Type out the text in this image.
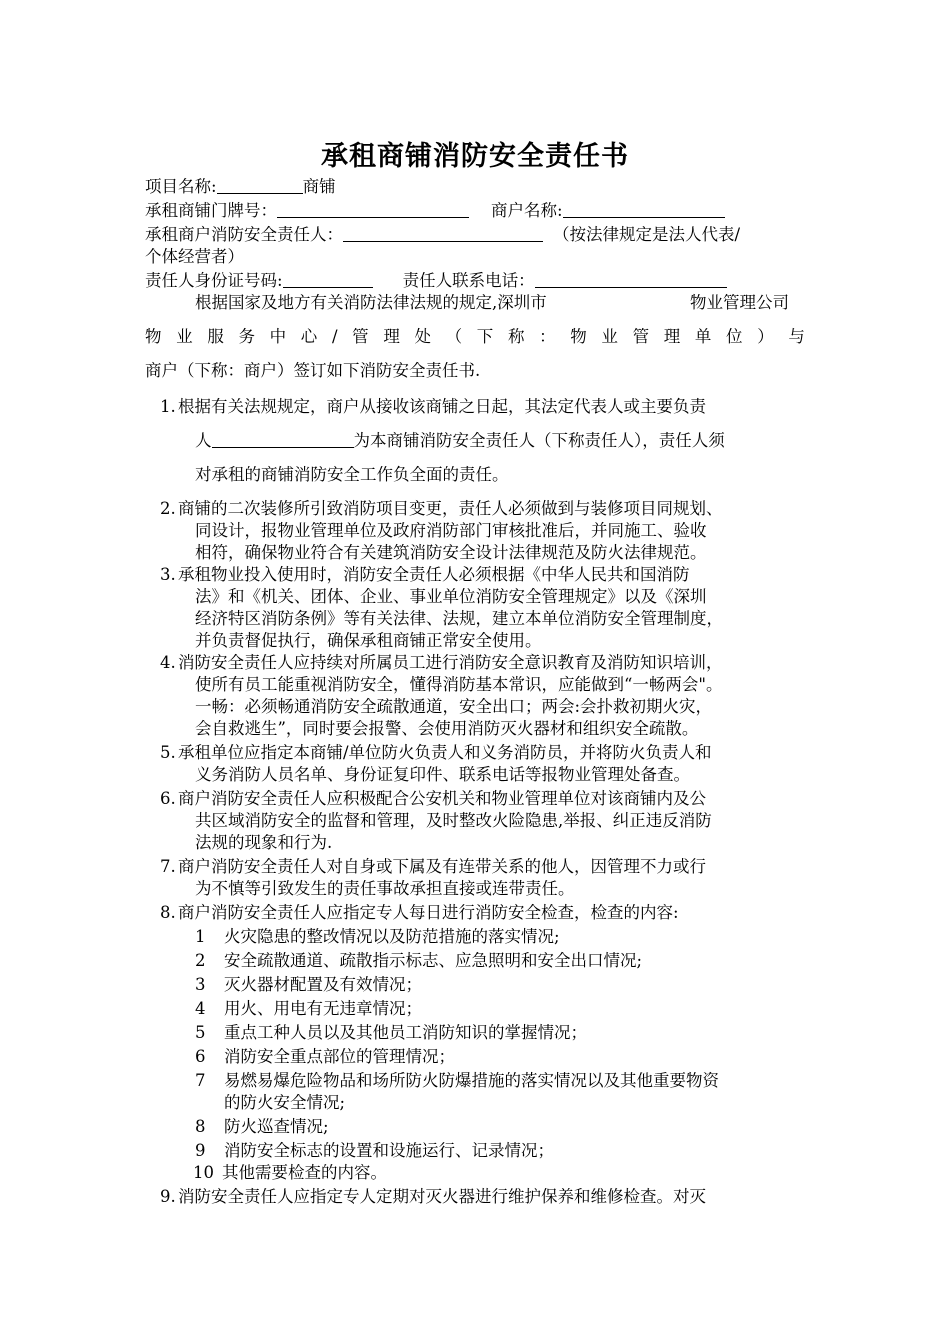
承租商铺消防安全责任书
项目名称:	商铺
承租商铺门牌号：	商户名称:
承租商户消防安全责任人：	（按法律规定是法人代表/
个体经营者）
责任人身份证号码:	责任人联系电话：
根据国家及地方有关消防法律法规的规定,深圳市	物业管理公司
物 业 服 务 中 心 / 管 理 处 （ 下 称 ： 物 业 管 理 单 位 ） 与
商户（下称：商户）签订如下消防安全责任书.
1. 根据有关法规规定，商户从接收该商铺之日起，其法定代表人或主要负责
人	为本商铺消防安全责任人（下称责任人），责任人须
对承租的商铺消防安全工作负全面的责任。
2. 商铺的二次装修所引致消防项目变更，责任人必须做到与装修项目同规划、
同设计，报物业管理单位及政府消防部门审核批准后，并同施工、验收
相符，确保物业符合有关建筑消防安全设计法律规范及防火法律规范。
3. 承租物业投入使用时，消防安全责任人必须根据《中华人民共和国消防
法》和《机关、团体、企业、事业单位消防安全管理规定》以及《深圳
经济特区消防条例》等有关法律、法规，建立本单位消防安全管理制度，
并负责督促执行，确保承租商铺正常安全使用。
4. 消防安全责任人应持续对所属员工进行消防安全意识教育及消防知识培训，
使所有员工能重视消防安全，懂得消防基本常识，应能做到“一畅两会"。
一畅：必须畅通消防安全疏散通道，安全出口；两会:会扑救初期火灾，
会自救逃生”，同时要会报警、会使用消防灭火器材和组织安全疏散。
5. 承租单位应指定本商铺/单位防火负责人和义务消防员，并将防火负责人和
义务消防人员名单、身份证复印件、联系电话等报物业管理处备查。
6. 商户消防安全责任人应积极配合公安机关和物业管理单位对该商铺内及公
共区域消防安全的监督和管理，及时整改火险隐患,举报、纠正违反消防
法规的现象和行为.
7. 商户消防安全责任人对自身或下属及有连带关系的他人，因管理不力或行
为不慎等引致发生的责任事故承担直接或连带责任。
8. 商户消防安全责任人应指定专人每日进行消防安全检查，检查的内容:
1 火灾隐患的整改情况以及防范措施的落实情况;
2 安全疏散通道、疏散指示标志、应急照明和安全出口情况;
3 灭火器材配置及有效情况；
4 用火、用电有无违章情况；
5 重点工种人员以及其他员工消防知识的掌握情况；
6 消防安全重点部位的管理情况；
7 易燃易爆危险物品和场所防火防爆措施的落实情况以及其他重要物资
的防火安全情况;
8 防火巡查情况;
9 消防安全标志的设置和设施运行、记录情况；
10 其他需要检查的内容。
9. 消防安全责任人应指定专人定期对灭火器进行维护保养和维修检查。对灭
